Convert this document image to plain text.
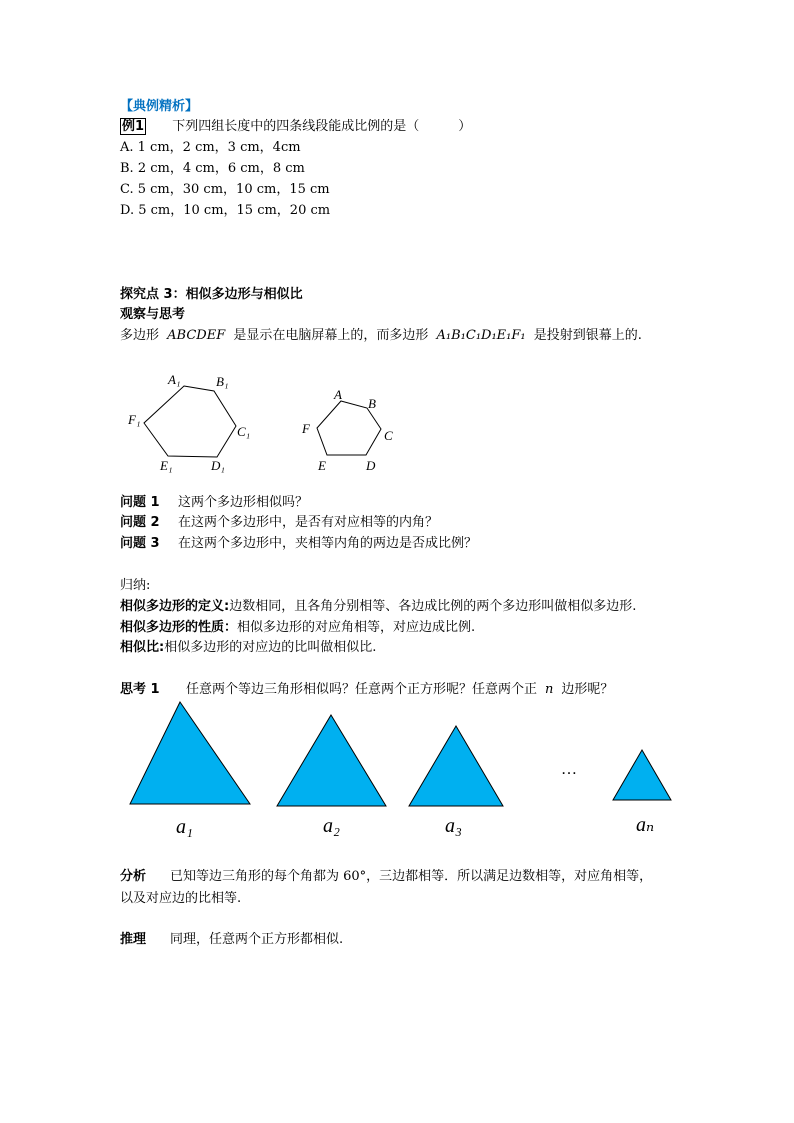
【典例精析】
例1 下列四组长度中的四条线段能成比例的是（　　　）
A. 1 cm，2 cm，3 cm，4cm
B. 2 cm，4 cm，6 cm，8 cm
C. 5 cm，30 cm，10 cm，15 cm
D. 5 cm，10 cm，15 cm，20 cm
探究点 3：相似多边形与相似比
观察与思考
多边形 ABCDEF 是显示在电脑屏幕上的，而多边形 A₁B₁C₁D₁E₁F₁ 是投射到银幕上的.
A₁	B₁
C₁
D₁
E₁
F₁
A
B
C
D
E
F
问题 1 这两个多边形相似吗？
问题 2 在这两个多边形中，是否有对应相等的内角？
问题 3 在这两个多边形中，夹相等内角的两边是否成比例？
归纳:
相似多边形的定义:边数相同，且各角分别相等、各边成比例的两个多边形叫做相似多边形.
相似多边形的性质：相似多边形的对应角相等，对应边成比例.
相似比:相似多边形的对应边的比叫做相似比.
思考 1 任意两个等边三角形相似吗？任意两个正方形呢？任意两个正 n 边形呢？
…
a₁	a₂	a₃	aₙ
分析 已知等边三角形的每个角都为 60°，三边都相等．所以满足边数相等，对应角相等，
以及对应边的比相等.
推理 同理，任意两个正方形都相似.
